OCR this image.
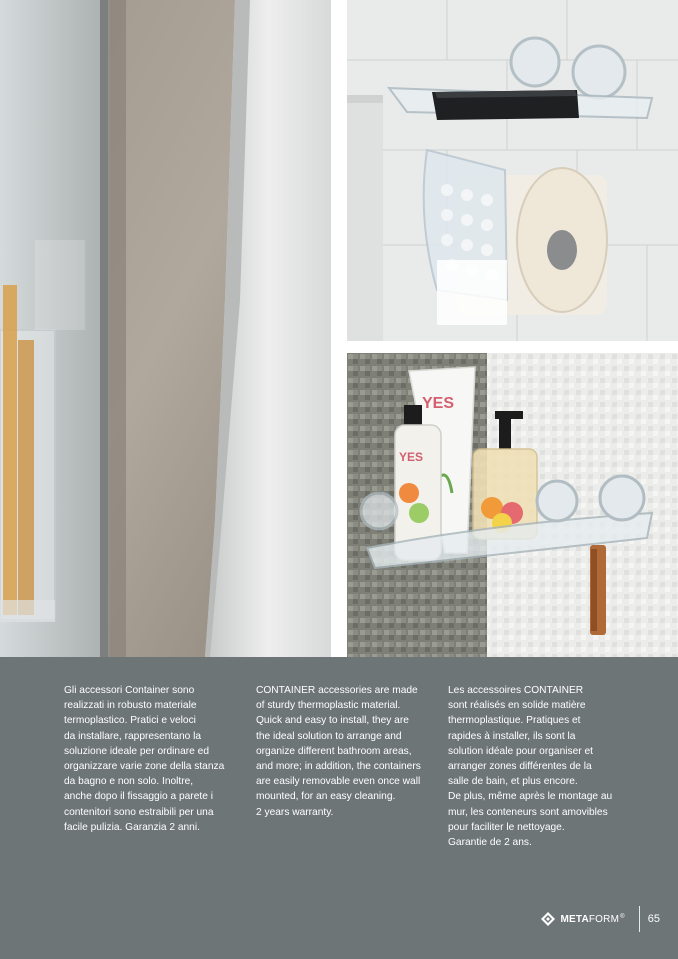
YES
YES
Gli accessori Container sono
realizzati in robusto materiale
termoplastico. Pratici e veloci
da installare, rappresentano la
soluzione ideale per ordinare ed
organizzare varie zone della stanza
da bagno e non solo. Inoltre,
anche dopo il fissaggio a parete i
contenitori sono estraibili per una
facile pulizia. Garanzia 2 anni.
CONTAINER accessories are made
of sturdy thermoplastic material.
Quick and easy to install, they are
the ideal solution to arrange and
organize different bathroom areas,
and more; in addition, the containers
are easily removable even once wall
mounted, for an easy cleaning.
2 years warranty.
Les accessoires CONTAINER
sont réalisés en solide matière
thermoplastique. Pratiques et
rapides à installer, ils sont la
solution idéale pour organiser et
arranger zones différentes de la
salle de bain, et plus encore.
De plus, même après le montage au
mur, les conteneurs sont amovibles
pour faciliter le nettoyage.
Garantie de 2 ans.
METAFORM® 65
